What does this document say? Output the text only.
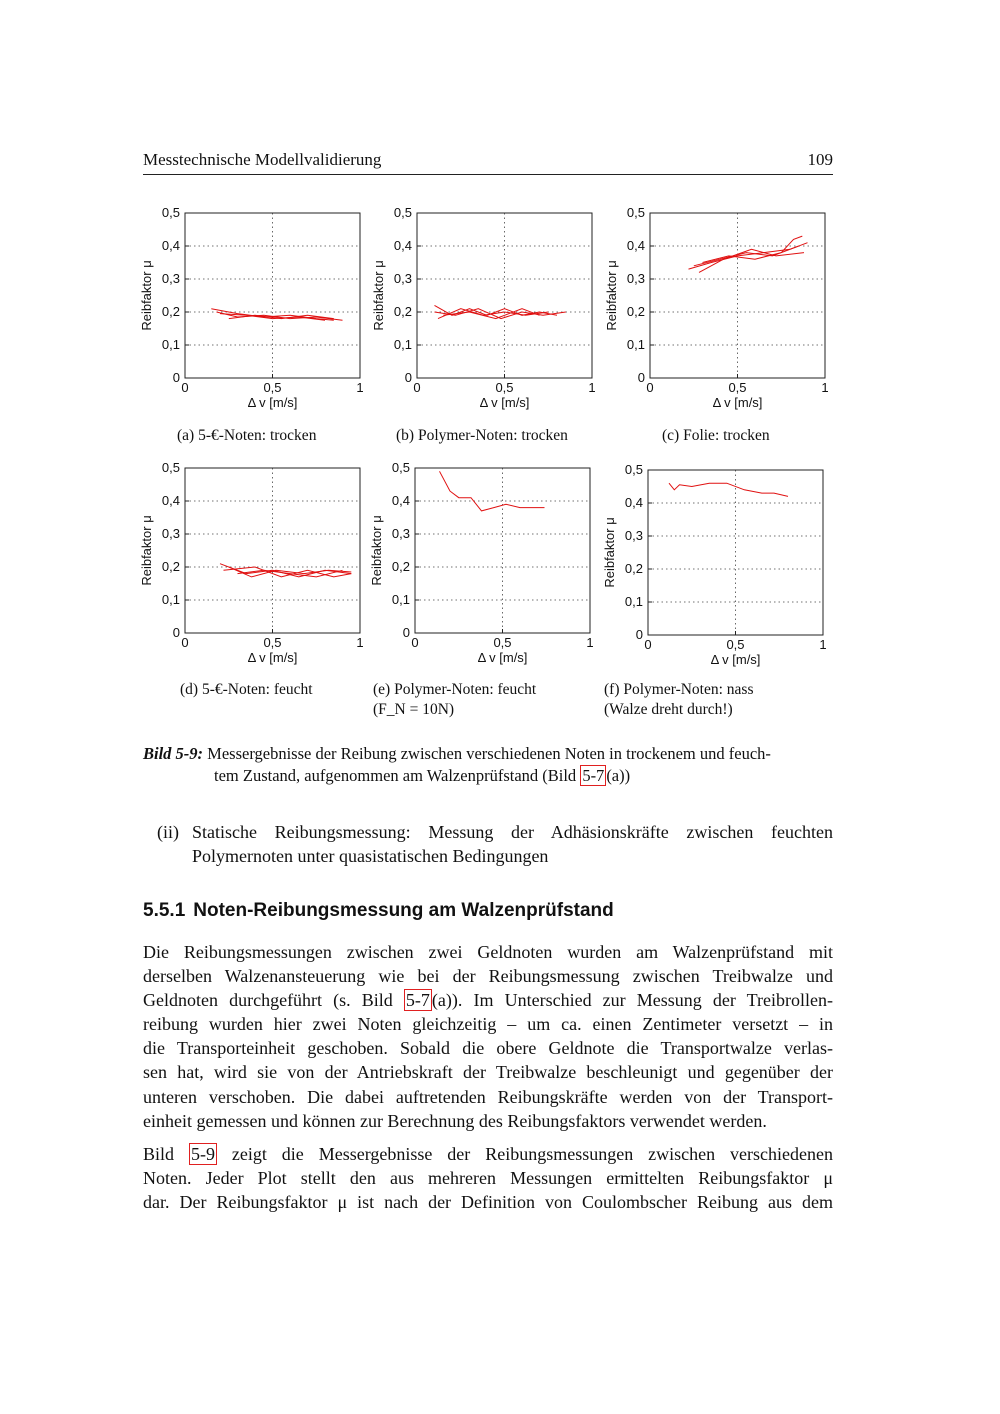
Messtechnische Modellvalidierung	109
0
0,1
0,2
0,3
0,4
0,5
0	0,5	1
Δ v [m/s]
Reibfaktor μ
0
0,1
0,2
0,3
0,4
0,5
0	0,5	1
Δ v [m/s]
Reibfaktor μ
0
0,1
0,2
0,3
0,4
0,5
0	0,5	1
Δ v [m/s]
Reibfaktor μ
0
0,1
0,2
0,3
0,4
0,5
0	0,5	1
Δ v [m/s]
Reibfaktor μ
0
0,1
0,2
0,3
0,4
0,5
0	0,5	1
Δ v [m/s]
Reibfaktor μ
0
0,1
0,2
0,3
0,4
0,5
0	0,5	1
Δ v [m/s]
Reibfaktor μ
(a) 5-€-Noten: trocken	(b) Polymer-Noten: trocken	(c) Folie: trocken
(d) 5-€-Noten: feucht	(e) Polymer-Noten: feucht
(F_N = 10N)
(f) Polymer-Noten: nass
(Walze dreht durch!)
Bild 5-9: Messergebnisse der Reibung zwischen verschiedenen Noten in trockenem und feuch-
tem Zustand, aufgenommen am Walzenprüfstand (Bild 5-7 (a))
(ii) Statische Reibungsmessung: Messung der Adhäsionskräfte zwischen feuchten Polymernoten unter quasistatischen Bedingungen
5.5.1 Noten-Reibungsmessung am Walzenprüfstand
Die Reibungsmessungen zwischen zwei Geldnoten wurden am Walzenprüfstand mit
derselben Walzenansteuerung wie bei der Reibungsmessung zwischen Treibwalze und
Geldnoten durchgeführt (s. Bild 5-7 (a)). Im Unterschied zur Messung der Treibrollen-
reibung wurden hier zwei Noten gleichzeitig – um ca. einen Zentimeter versetzt – in
die Transporteinheit geschoben. Sobald die obere Geldnote die Transportwalze verlas-
sen hat, wird sie von der Antriebskraft der Treibwalze beschleunigt und gegenüber der
unteren verschoben. Die dabei auftretenden Reibungskräfte werden von der Transport-
einheit gemessen und können zur Berechnung des Reibungsfaktors verwendet werden.
Bild 5-9 zeigt die Messergebnisse der Reibungsmessungen zwischen verschiedenen
Noten. Jeder Plot stellt den aus mehreren Messungen ermittelten Reibungsfaktor μ
dar. Der Reibungsfaktor μ ist nach der Definition von Coulombscher Reibung aus dem
